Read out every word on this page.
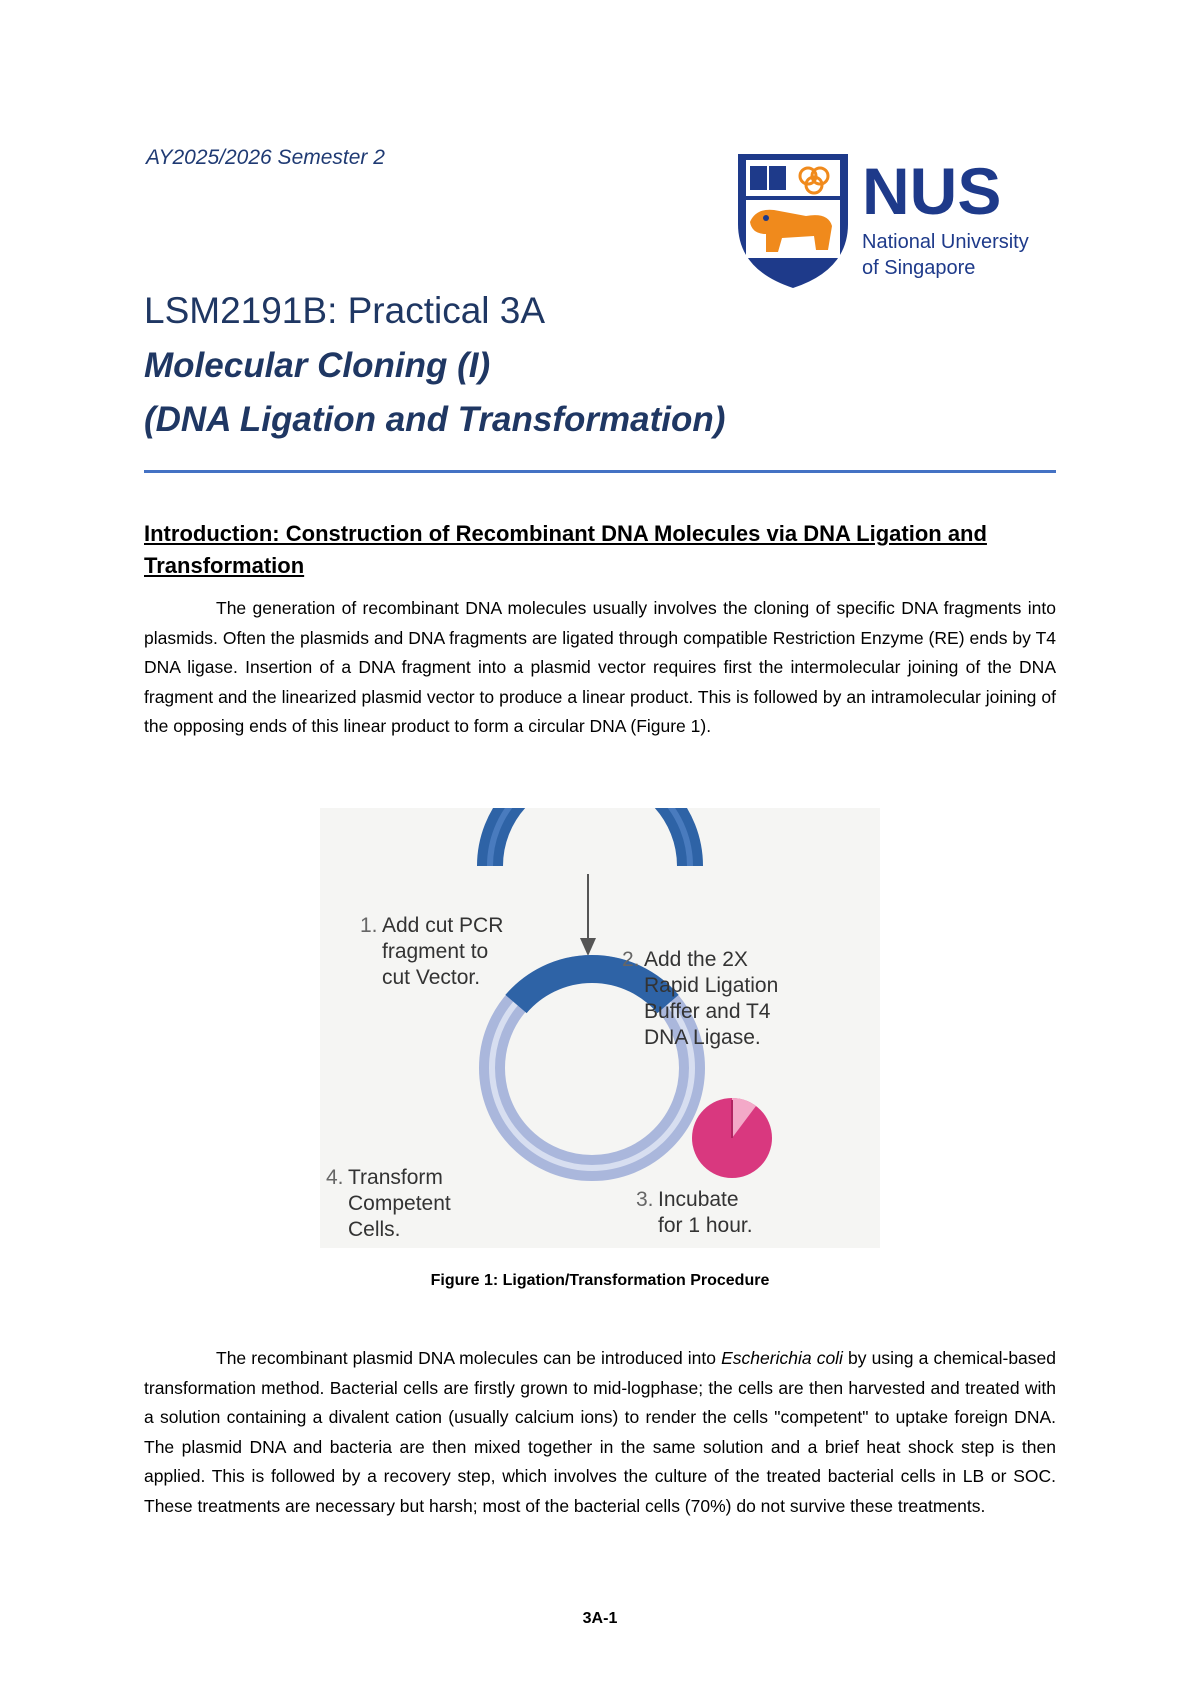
AY2025/2026 Semester 2	NUS
National University
of Singapore
LSM2191B: Practical 3A
Molecular Cloning (I)
(DNA Ligation and Transformation)
Introduction: Construction of Recombinant DNA Molecules via DNA Ligation and Transformation

The generation of recombinant DNA molecules usually involves the cloning of specific DNA fragments into plasmids. Often the plasmids and DNA fragments are ligated through compatible Restriction Enzyme (RE) ends by T4 DNA ligase. Insertion of a DNA fragment into a plasmid vector requires first the intermolecular joining of the DNA fragment and the linearized plasmid vector to produce a linear product. This is followed by an intramolecular joining of the opposing ends of this linear product to form a circular DNA (Figure 1).

1. Add cut PCR fragment to cut Vector.
2. Add the 2X Rapid Ligation Buffer and T4 DNA Ligase.
3. Incubate for 1 hour.
4. Transform Competent Cells.

Figure 1: Ligation/Transformation Procedure

The recombinant plasmid DNA molecules can be introduced into Escherichia coli by using a chemical-based transformation method. Bacterial cells are firstly grown to mid-logphase; the cells are then harvested and treated with a solution containing a divalent cation (usually calcium ions) to render the cells "competent" to uptake foreign DNA. The plasmid DNA and bacteria are then mixed together in the same solution and a brief heat shock step is then applied. This is followed by a recovery step, which involves the culture of the treated bacterial cells in LB or SOC. These treatments are necessary but harsh; most of the bacterial cells (70%) do not survive these treatments.

3A-1
